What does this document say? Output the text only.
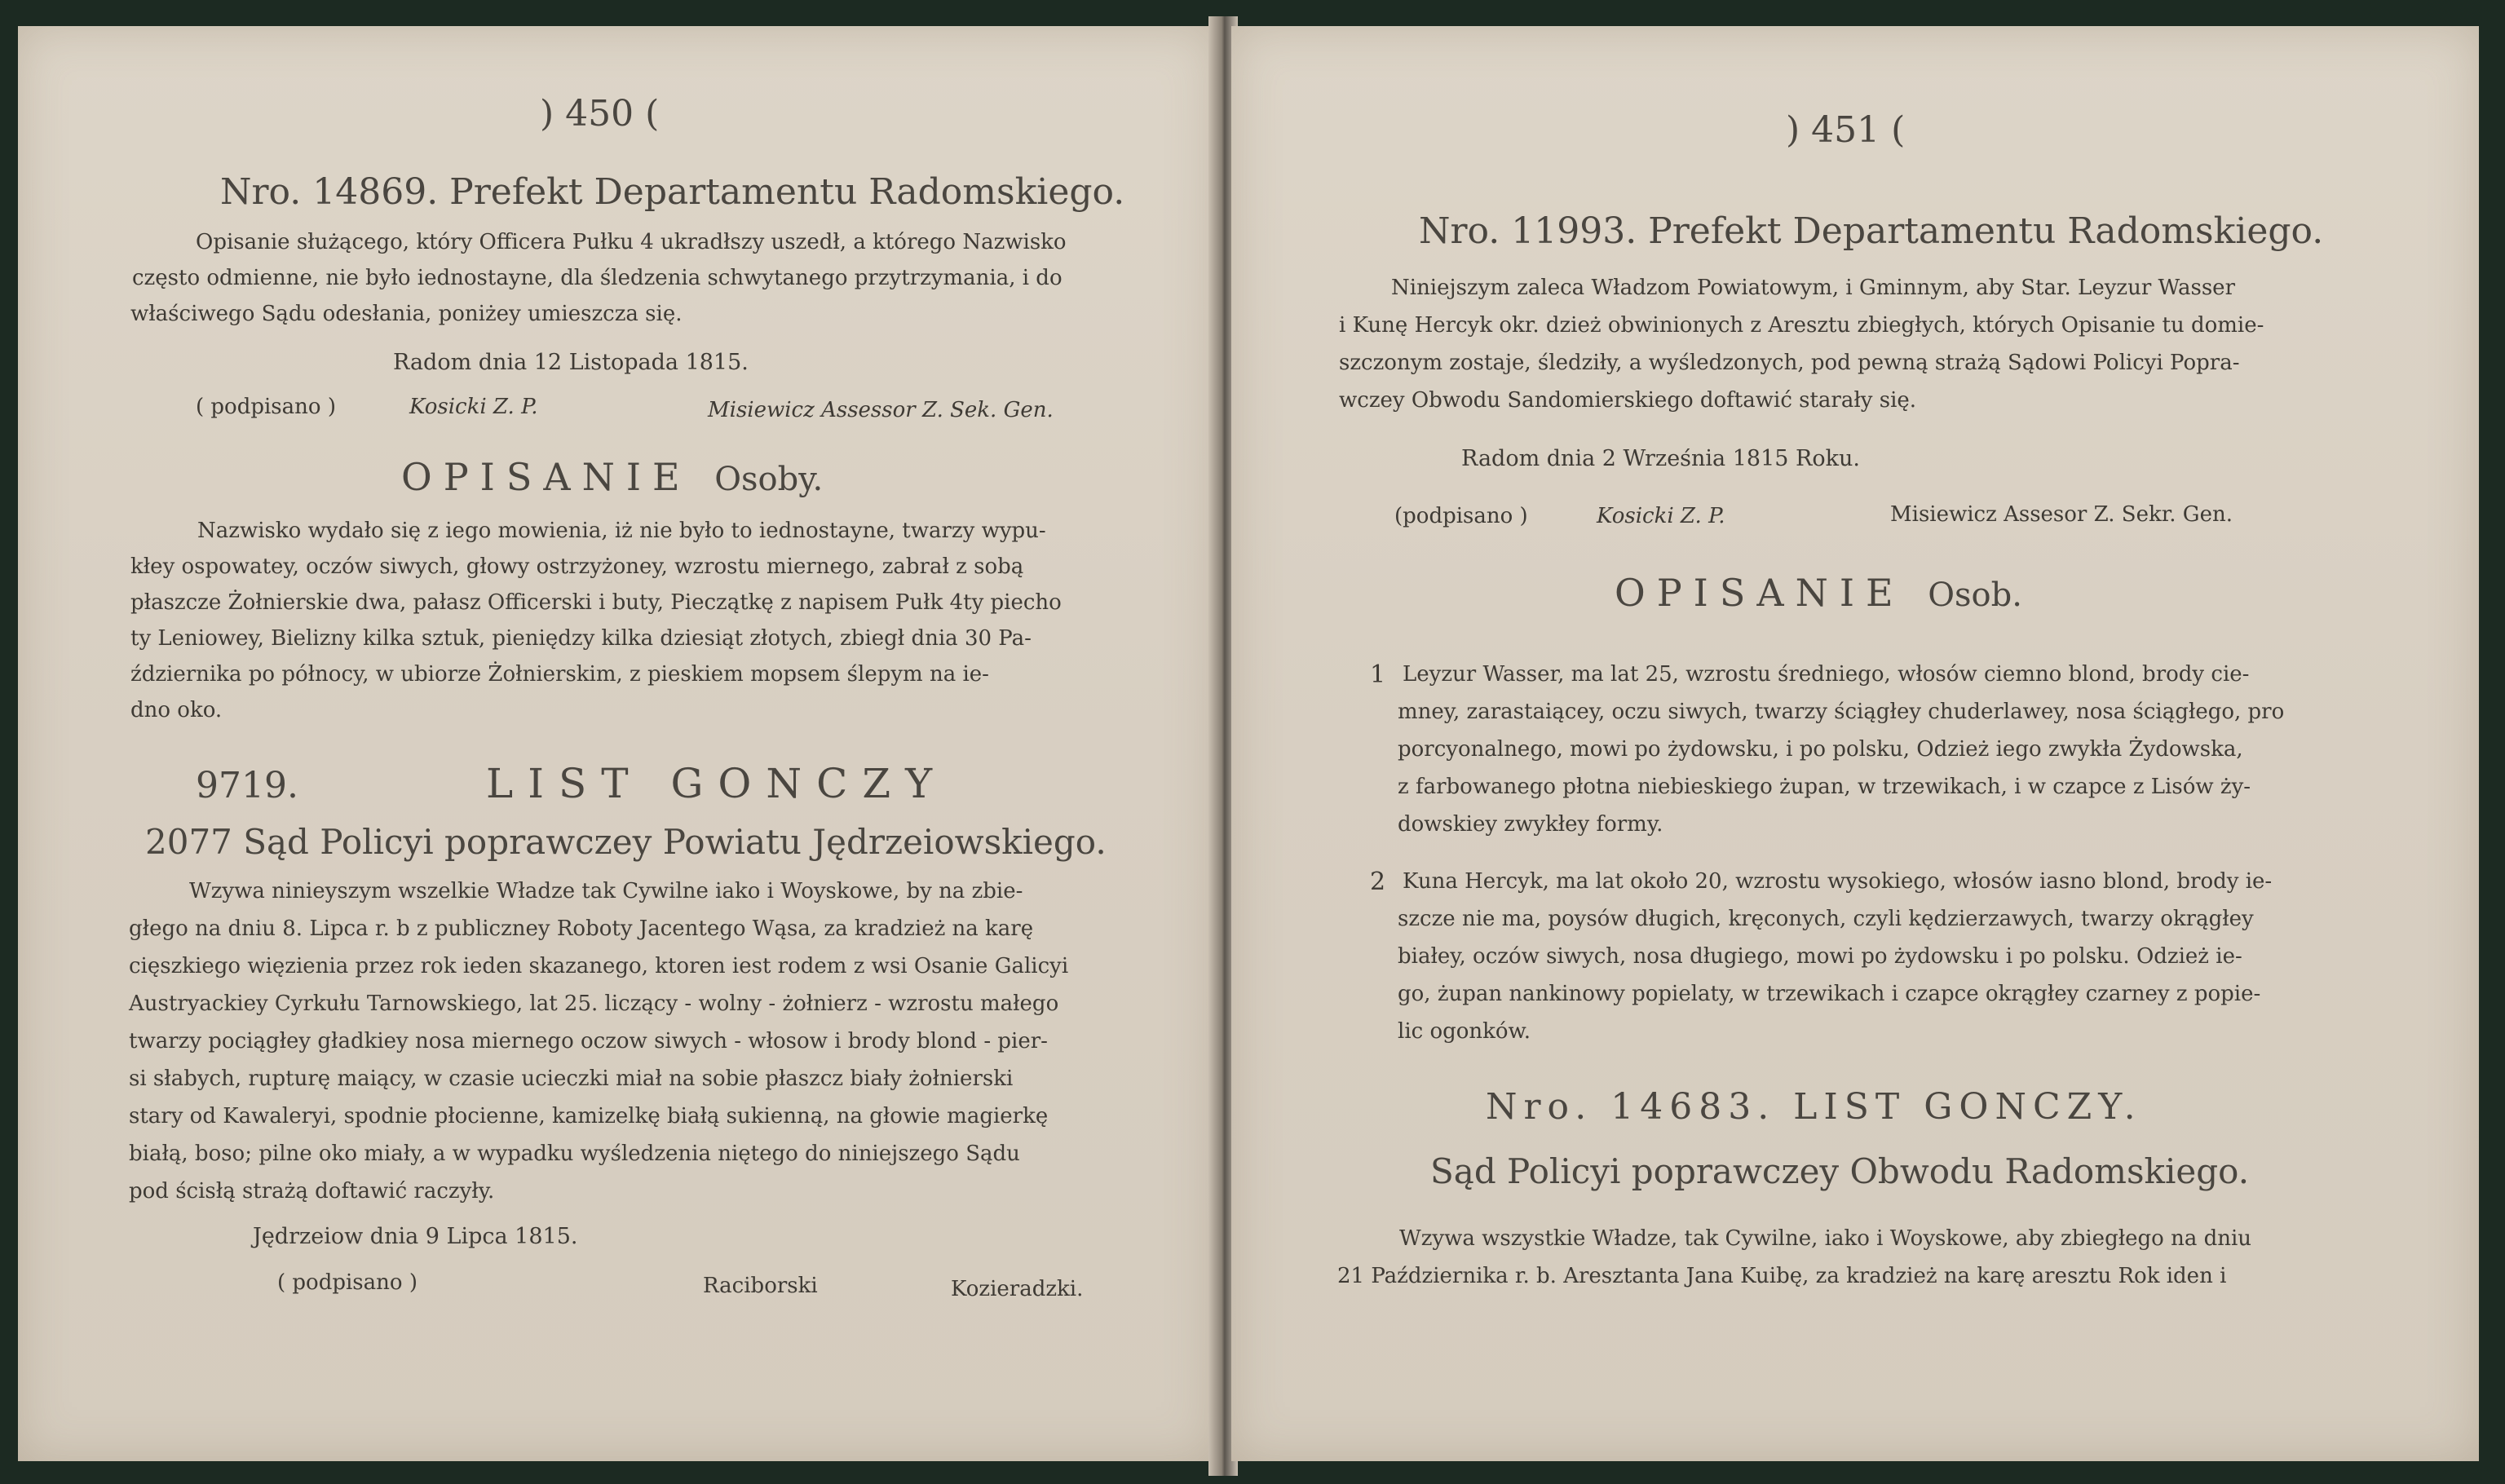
) 450 (
Nro. 14869. Prefekt Departamentu Radomskiego.
Opisanie służącego, który Officera Pułku 4 ukradłszy uszedł, a którego Nazwisko
często odmienne, nie było iednostayne, dla śledzenia schwytanego przytrzymania, i do
właściwego Sądu odesłania, poniżey umieszcza się.
Radom dnia 12 Listopada 1815.
( podpisano )	Kosicki Z. P.	Misiewicz Assessor Z. Sek. Gen.
OPISANIE Osoby.
Nazwisko wydało się z iego mowienia, iż nie było to iednostayne, twarzy wypu-
kłey ospowatey, oczów siwych, głowy ostrzyżoney, wzrostu miernego, zabrał z sobą
płaszcze Żołnierskie dwa, pałasz Officerski i buty, Pieczątkę z napisem Pułk 4ty piecho
ty Leniowey, Bielizny kilka sztuk, pieniędzy kilka dziesiąt złotych, zbiegł dnia 30 Pa-
ździernika po północy, w ubiorze Żołnierskim, z pieskiem mopsem ślepym na ie-
dno oko.
9719.	LIST GONCZY
2077 Sąd Policyi poprawczey Powiatu Jędrzeiowskiego.
Wzywa ninieyszym wszelkie Władze tak Cywilne iako i Woyskowe, by na zbie-
głego na dniu 8. Lipca r. b z publiczney Roboty Jacentego Wąsa, za kradzież na karę
cięszkiego więzienia przez rok ieden skazanego, ktoren iest rodem z wsi Osanie Galicyi
Austryackiey Cyrkułu Tarnowskiego, lat 25. liczący - wolny - żołnierz - wzrostu małego
twarzy pociągłey gładkiey nosa miernego oczow siwych - włosow i brody blond - pier-
si słabych, rupturę maiący, w czasie ucieczki miał na sobie płaszcz biały żołnierski
stary od Kawaleryi, spodnie płocienne, kamizelkę białą sukienną, na głowie magierkę
białą, boso; pilne oko miały, a w wypadku wyśledzenia niętego do niniejszego Sądu
pod ścisłą strażą doftawić raczyły.
Jędrzeiow dnia 9 Lipca 1815.
( podpisano )	Raciborski	Kozieradzki.
) 451 (
Nro. 11993. Prefekt Departamentu Radomskiego.
Niniejszym zaleca Władzom Powiatowym, i Gminnym, aby Star. Leyzur Wasser
i Kunę Hercyk okr. dzież obwinionych z Aresztu zbiegłych, których Opisanie tu domie-
szczonym zostaje, śledziły, a wyśledzonych, pod pewną strażą Sądowi Policyi Popra-
wczey Obwodu Sandomierskiego doftawić starały się.
Radom dnia 2 Września 1815 Roku.
(podpisano )	Kosicki Z. P.	Misiewicz Assesor Z. Sekr. Gen.
OPISANIE Osob.
1 Leyzur Wasser, ma lat 25, wzrostu średniego, włosów ciemno blond, brody cie-
mney, zarastaiącey, oczu siwych, twarzy ściągłey chuderlawey, nosa ściągłego, pro
porcyonalnego, mowi po żydowsku, i po polsku, Odzież iego zwykła Żydowska,
z farbowanego płotna niebieskiego żupan, w trzewikach, i w czapce z Lisów ży-
dowskiey zwykłey formy.
2 Kuna Hercyk, ma lat około 20, wzrostu wysokiego, włosów iasno blond, brody ie-
szcze nie ma, poysów długich, kręconych, czyli kędzierzawych, twarzy okrągłey
białey, oczów siwych, nosa długiego, mowi po żydowsku i po polsku. Odzież ie-
go, żupan nankinowy popielaty, w trzewikach i czapce okrągłey czarney z popie-
lic ogonków.
Nro. 14683. LIST GONCZY.
Sąd Policyi poprawczey Obwodu Radomskiego.
Wzywa wszystkie Władze, tak Cywilne, iako i Woyskowe, aby zbiegłego na dniu
21 Października r. b. Aresztanta Jana Kuibę, za kradzież na karę aresztu Rok iden i
